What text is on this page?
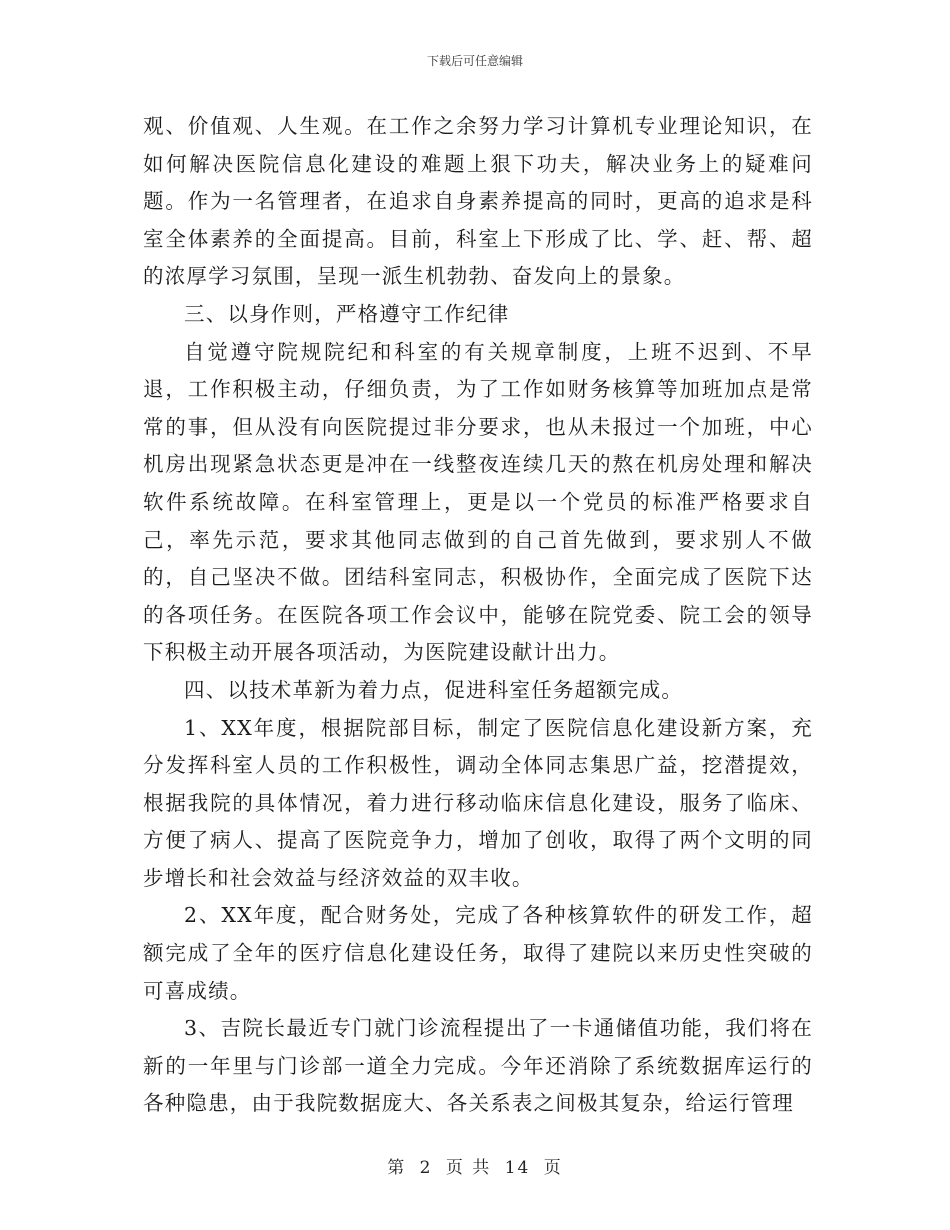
下载后可任意编辑

观、价值观、人生观。在工作之余努力学习计算机专业理论知识，在如何解决医院信息化建设的难题上狠下功夫，解决业务上的疑难问题。作为一名管理者，在追求自身素养提高的同时，更高的追求是科室全体素养的全面提高。目前，科室上下形成了比、学、赶、帮、超的浓厚学习氛围，呈现一派生机勃勃、奋发向上的景象。

三、以身作则，严格遵守工作纪律

自觉遵守院规院纪和科室的有关规章制度，上班不迟到、不早退，工作积极主动，仔细负责，为了工作如财务核算等加班加点是常常的事，但从没有向医院提过非分要求，也从未报过一个加班，中心机房出现紧急状态更是冲在一线整夜连续几天的熬在机房处理和解决软件系统故障。在科室管理上，更是以一个党员的标准严格要求自己，率先示范，要求其他同志做到的自己首先做到，要求别人不做的，自己坚决不做。团结科室同志，积极协作，全面完成了医院下达的各项任务。在医院各项工作会议中，能够在院党委、院工会的领导下积极主动开展各项活动，为医院建设献计出力。

四、以技术革新为着力点，促进科室任务超额完成。

1、XX年度，根据院部目标，制定了医院信息化建设新方案，充分发挥科室人员的工作积极性，调动全体同志集思广益，挖潜提效，根据我院的具体情况，着力进行移动临床信息化建设，服务了临床、方便了病人、提高了医院竞争力，增加了创收，取得了两个文明的同步增长和社会效益与经济效益的双丰收。

2、XX年度，配合财务处，完成了各种核算软件的研发工作，超额完成了全年的医疗信息化建设任务，取得了建院以来历史性突破的可喜成绩。

3、吉院长最近专门就门诊流程提出了一卡通储值功能，我们将在新的一年里与门诊部一道全力完成。今年还消除了系统数据库运行的各种隐患，由于我院数据庞大、各关系表之间极其复杂，给运行管理

第 2 页 共 14 页
